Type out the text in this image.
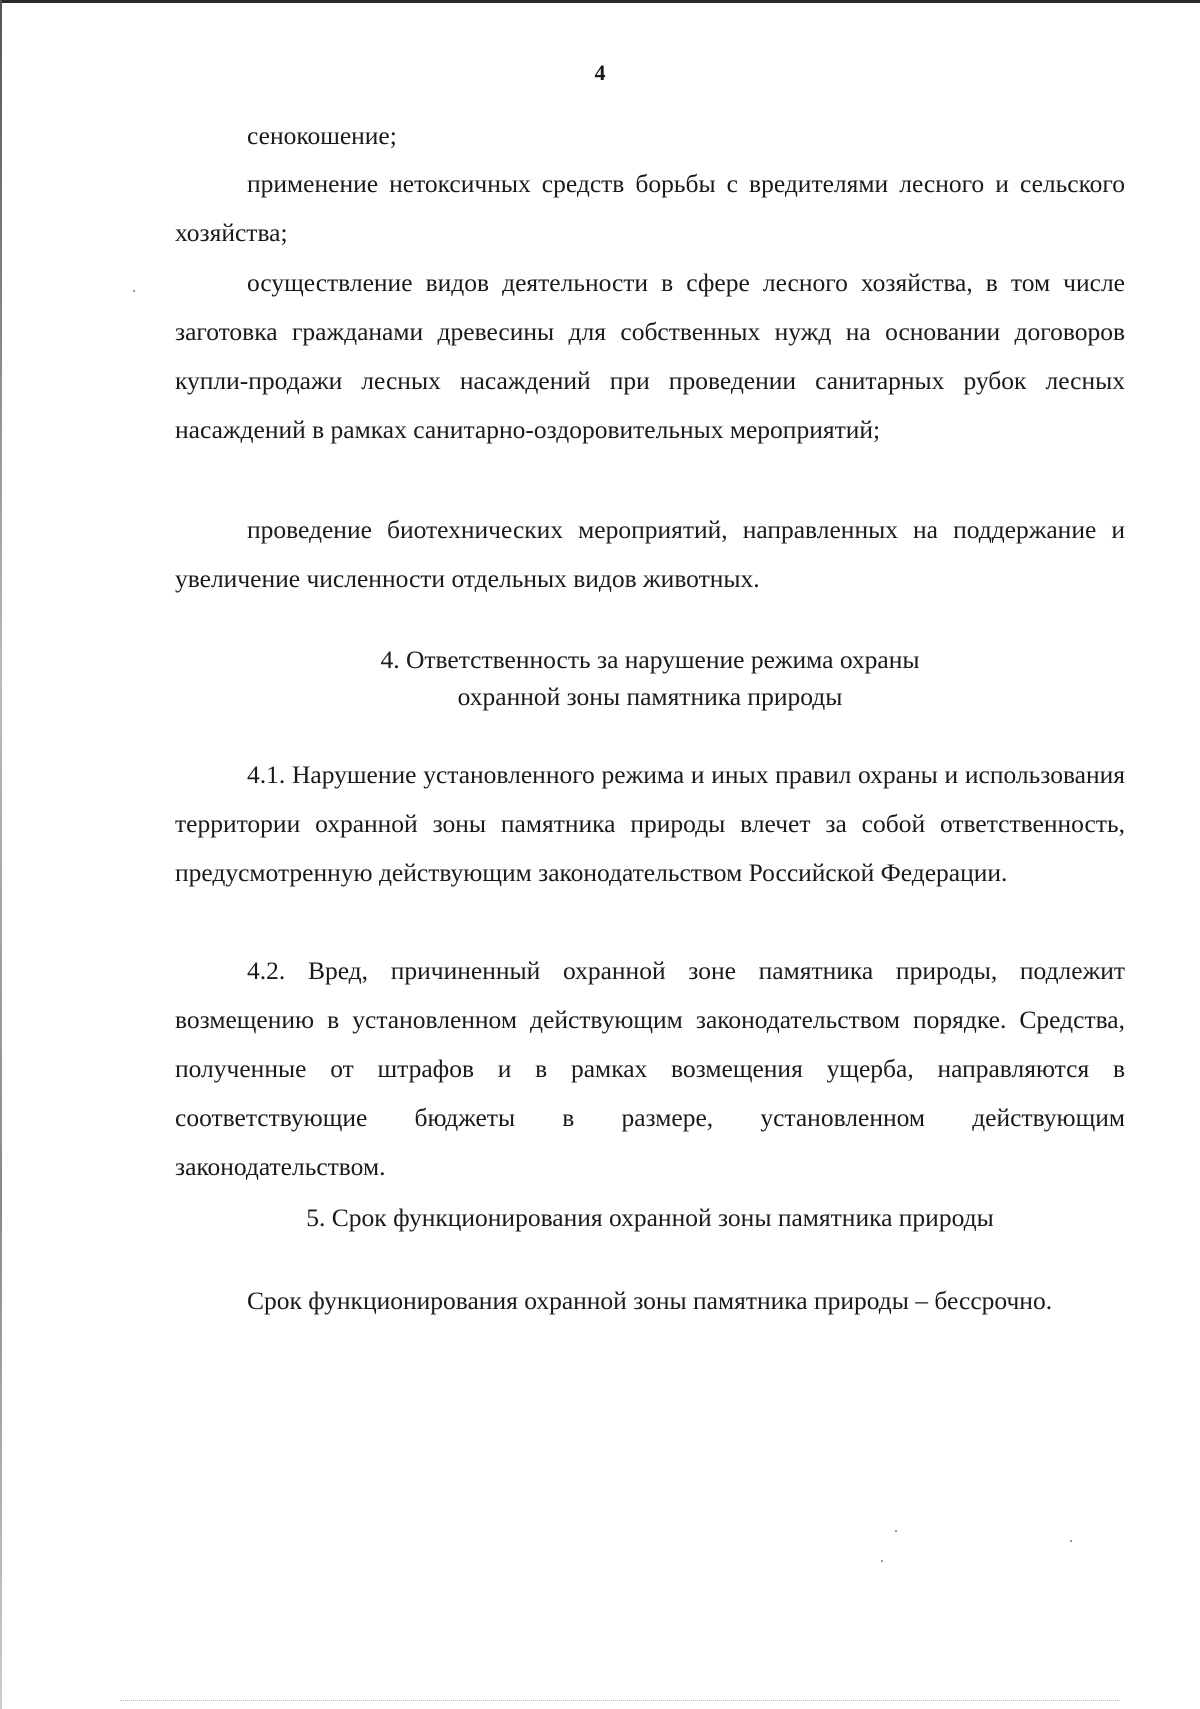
4

сенокошение;

применение нетоксичных средств борьбы с вредителями лесного и сельского хозяйства;

осуществление видов деятельности в сфере лесного хозяйства, в том числе заготовка гражданами древесины для собственных нужд на основании договоров купли-продажи лесных насаждений при проведении санитарных рубок лесных насаждений в рамках санитарно-оздоровительных мероприятий;

проведение биотехнических мероприятий, направленных на поддержание и увеличение численности отдельных видов животных.

4. Ответственность за нарушение режима охраны
охранной зоны памятника природы

4.1. Нарушение установленного режима и иных правил охраны и использования территории охранной зоны памятника природы влечет за собой ответственность, предусмотренную действующим законодательством Российской Федерации.

4.2. Вред, причиненный охранной зоне памятника природы, подлежит возмещению в установленном действующим законодательством порядке. Средства, полученные от штрафов и в рамках возмещения ущерба, направляются в соответствующие бюджеты в размере, установленном действующим законодательством.

5. Срок функционирования охранной зоны памятника природы

Срок функционирования охранной зоны памятника природы – бессрочно.
